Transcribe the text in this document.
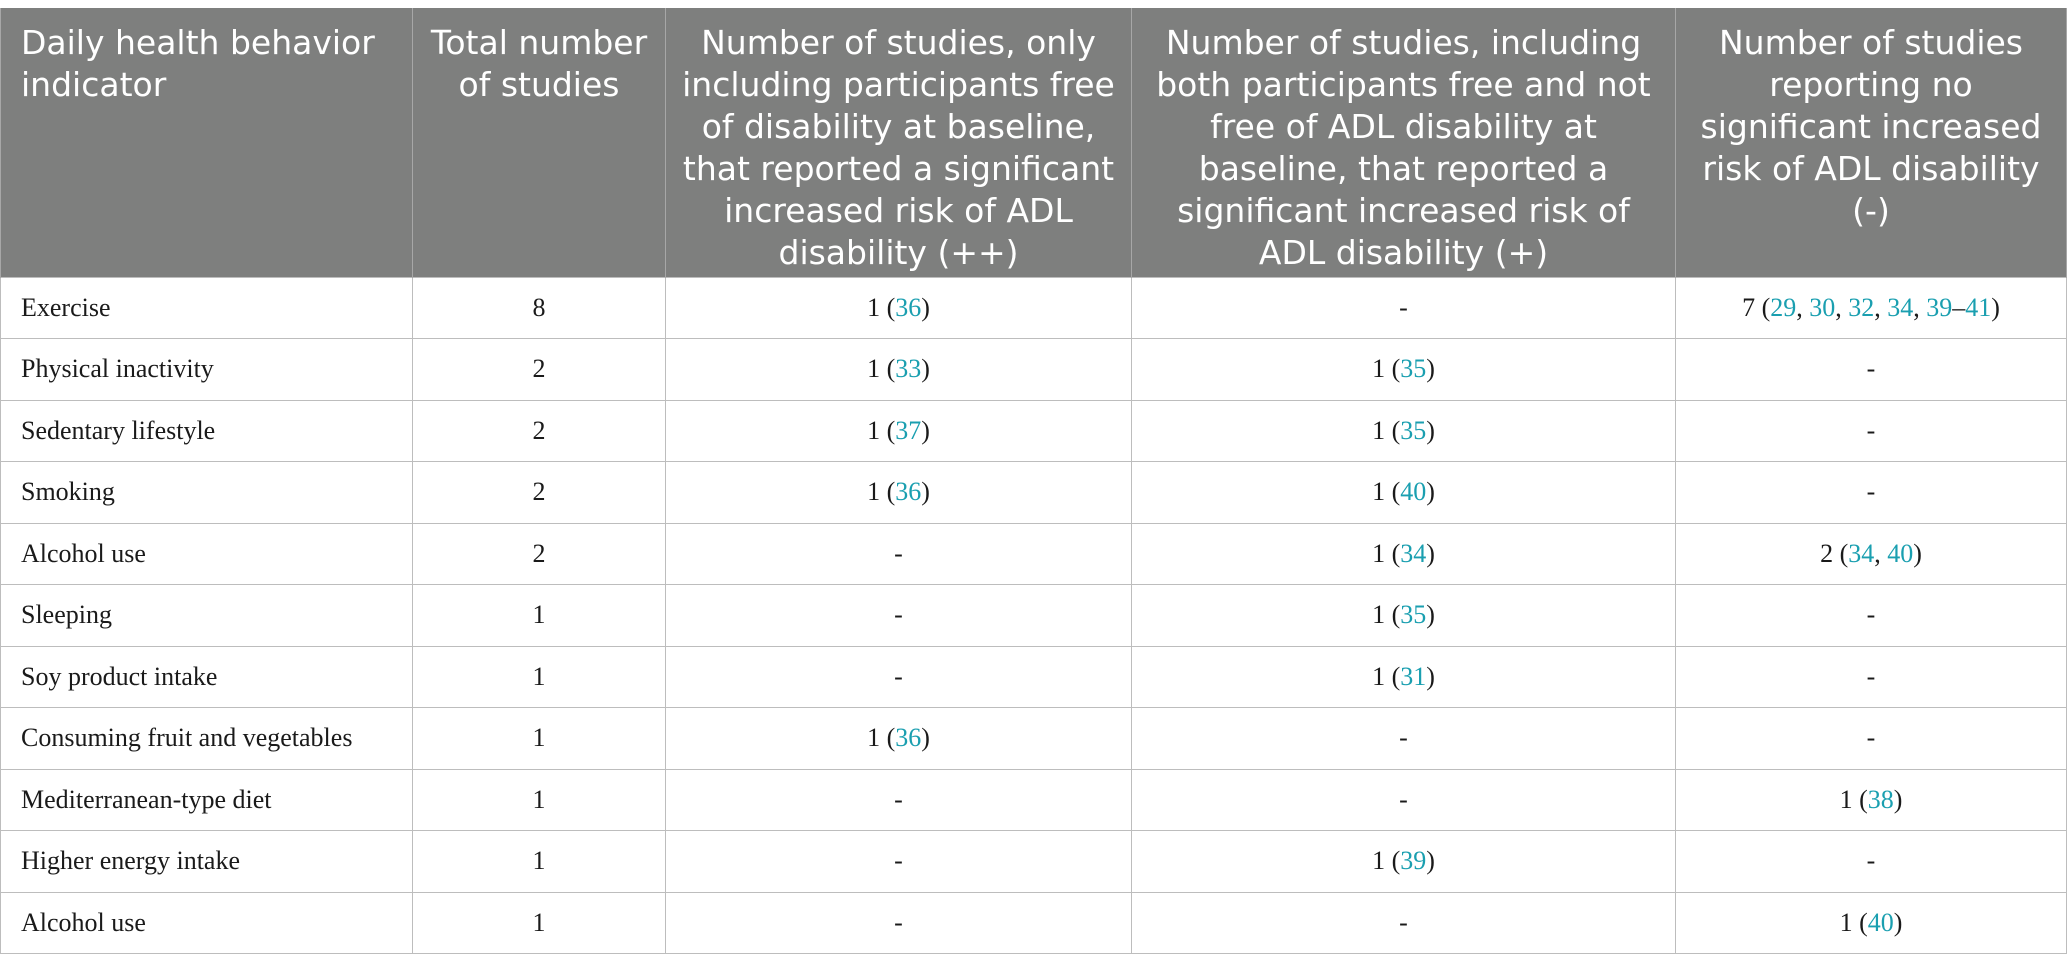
Daily health behavior indicator	Total number of studies	Number of studies, only including participants free of disability at baseline, that reported a significant increased risk of ADL disability (++)	Number of studies, including both participants free and not free of ADL disability at baseline, that reported a significant increased risk of ADL disability (+)	Number of studies reporting no significant increased risk of ADL disability (-)
Exercise	8	1 (36)	-	7 (29, 30, 32, 34, 39–41)
Physical inactivity	2	1 (33)	1 (35)	-
Sedentary lifestyle	2	1 (37)	1 (35)	-
Smoking	2	1 (36)	1 (40)	-
Alcohol use	2	-	1 (34)	2 (34, 40)
Sleeping	1	-	1 (35)	-
Soy product intake	1	-	1 (31)	-
Consuming fruit and vegetables	1	1 (36)	-	-
Mediterranean-type diet	1	-	-	1 (38)
Higher energy intake	1	-	1 (39)	-
Alcohol use	1	-	-	1 (40)
